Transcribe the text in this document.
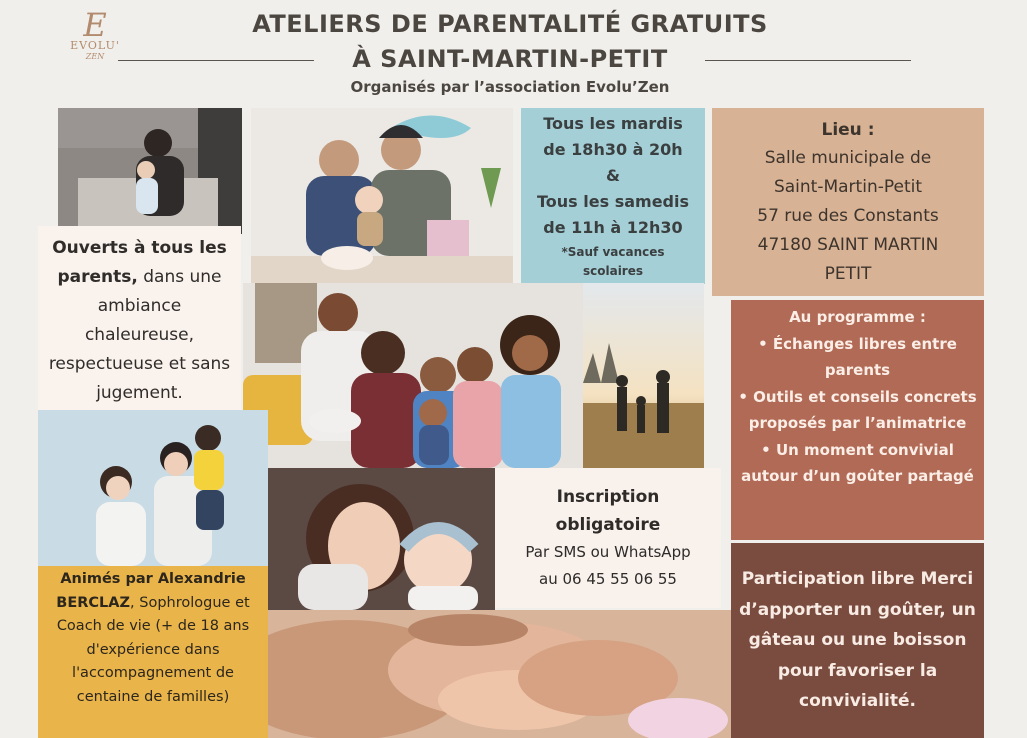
E
EVOLU'
ZEN
ATELIERS DE PARENTALITÉ GRATUITS
À SAINT-MARTIN-PETIT
Organisés par l’association Evolu’Zen
Tous les mardis
de 18h30 à 20h
&
Tous les samedis
de 11h à 12h30
*Sauf vacances
scolaires
Lieu :
Salle municipale de
Saint-Martin-Petit
57 rue des Constants
47180 SAINT MARTIN
PETIT
Ouverts à tous les parents, dans une ambiance chaleureuse, respectueuse et sans jugement.
Au programme :
• Échanges libres entre parents
• Outils et conseils concrets proposés par l’animatrice
• Un moment convivial autour d’un goûter partagé
Inscription
obligatoire
Par SMS ou WhatsApp
au 06 45 55 06 55	Participation libre Merci d’apporter un goûter, un gâteau ou une boisson pour favoriser la convivialité.
Animés par Alexandrie BERCLAZ, Sophrologue et Coach de vie (+ de 18 ans d'expérience dans l'accompagnement de centaine de familles)
